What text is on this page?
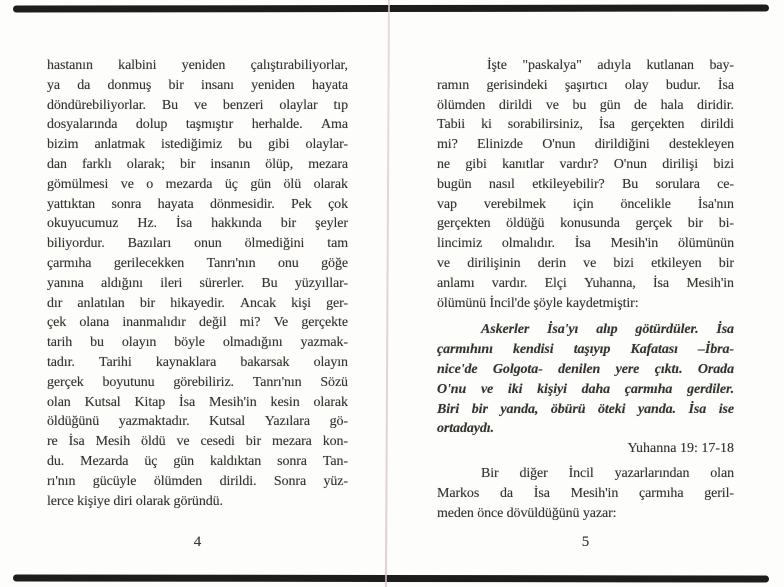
hastanın kalbini yeniden çalıştırabiliyorlar,
ya da donmuş bir insanı yeniden hayata
döndürebiliyorlar. Bu ve benzeri olaylar tıp
dosyalarında dolup taşmıştır herhalde. Ama
bizim anlatmak istediğimiz bu gibi olaylar-
dan farklı olarak; bir insanın ölüp, mezara
gömülmesi ve o mezarda üç gün ölü olarak
yattıktan sonra hayata dönmesidir. Pek çok
okuyucumuz Hz. İsa hakkında bir şeyler
biliyordur. Bazıları onun ölmediğini tam
çarmıha gerilecekken Tanrı'nın onu göğe
yanına aldığını ileri sürerler. Bu yüzyıllar-
dır anlatılan bir hikayedir. Ancak kişi ger-
çek olana inanmalıdır değil mi? Ve gerçekte
tarih bu olayın böyle olmadığını yazmak-
tadır. Tarihi kaynaklara bakarsak olayın
gerçek boyutunu görebiliriz. Tanrı'nın Sözü
olan Kutsal Kitap İsa Mesih'in kesin olarak
öldüğünü yazmaktadır. Kutsal Yazılara gö-
re İsa Mesih öldü ve cesedi bir mezara kon-
du. Mezarda üç gün kaldıktan sonra Tan-
rı'nın gücüyle ölümden dirildi. Sonra yüz-
lerce kişiye diri olarak göründü.
4
İşte "paskalya" adıyla kutlanan bay-
ramın gerisindeki şaşırtıcı olay budur. İsa
ölümden dirildi ve bu gün de hala diridir.
Tabii ki sorabilirsiniz, İsa gerçekten dirildi
mi? Elinizde O'nun dirildiğini destekleyen
ne gibi kanıtlar vardır? O'nun dirilişi bizi
bugün nasıl etkileyebilir? Bu sorulara ce-
vap verebilmek için öncelikle İsa'nın
gerçekten öldüğü konusunda gerçek bir bi-
lincimiz olmalıdır. İsa Mesih'in ölümünün
ve dirilişinin derin ve bizi etkileyen bir
anlamı vardır. Elçi Yuhanna, İsa Mesih'in
ölümünü İncil'de şöyle kaydetmiştir:
Askerler İsa'yı alıp götürdüler. İsa
çarmıhını kendisi taşıyıp Kafatası –İbra-
nice'de Golgota- denilen yere çıktı. Orada
O'nu ve iki kişiyi daha çarmıha gerdiler.
Biri bir yanda, öbürü öteki yanda. İsa ise
ortadaydı.
Yuhanna 19: 17-18
Bir diğer İncil yazarlarından olan
Markos da İsa Mesih'in çarmıha geril-
meden önce dövüldüğünü yazar:
5
